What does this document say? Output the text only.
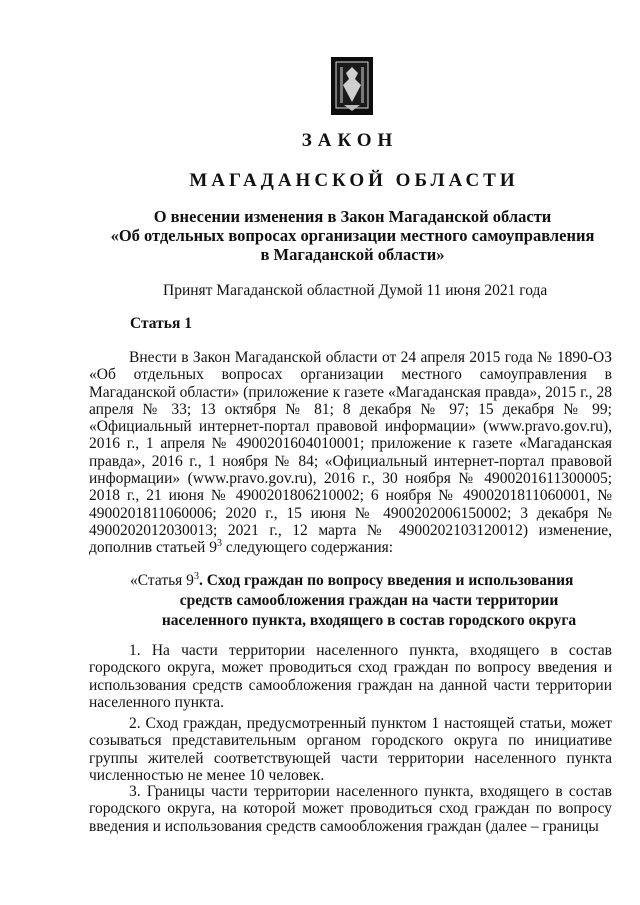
ЗАКОН
МАГАДАНСКОЙ ОБЛАСТИ
О внесении изменения в Закон Магаданской области
«Об отдельных вопросах организации местного самоуправления
в Магаданской области»
Принят Магаданской областной Думой 11 июня 2021 года
Статья 1
Внести в Закон Магаданской области от 24 апреля 2015 года № 1890-ОЗ «Об отдельных вопросах организации местного самоуправления в Магаданской области» (приложение к газете «Магаданская правда», 2015 г., 28 апреля № 33; 13 октября № 81; 8 декабря № 97; 15 декабря № 99; «Официальный интернет-портал правовой информации» (www.pravo.gov.ru), 2016 г., 1 апреля № 4900201604010001; приложение к газете «Магаданская правда», 2016 г., 1 ноября № 84; «Официальный интернет-портал правовой информации» (www.pravo.gov.ru), 2016 г., 30 ноября № 4900201611300005; 2018 г., 21 июня № 4900201806210002; 6 ноября № 4900201811060001, № 4900201811060006; 2020 г., 15 июня № 4900202006150002; 3 декабря № 4900202012030013; 2021 г., 12 марта № 4900202103120012) изменение, дополнив статьей $9^3$ следующего содержания:
«Статья $9^3$. Сход граждан по вопросу введения и использования
средств самообложения граждан на части территории
населенного пункта, входящего в состав городского округа
1. На части территории населенного пункта, входящего в состав городского округа, может проводиться сход граждан по вопросу введения и использования средств самообложения граждан на данной части территории населенного пункта.
2. Сход граждан, предусмотренный пунктом 1 настоящей статьи, может созываться представительным органом городского округа по инициативе группы жителей соответствующей части территории населенного пункта численностью не менее 10 человек.
3. Границы части территории населенного пункта, входящего в состав городского округа, на которой может проводиться сход граждан по вопросу введения и использования средств самообложения граждан (далее – границы
